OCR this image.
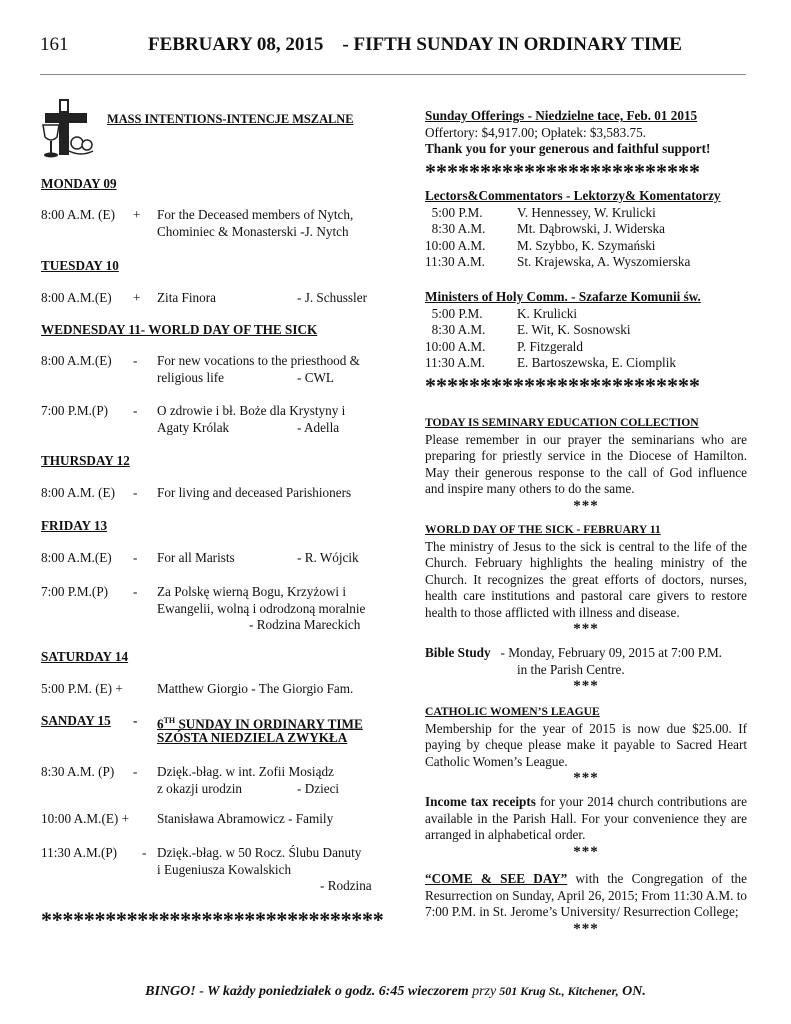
161	FEBRUARY 08, 2015    - FIFTH SUNDAY IN ORDINARY TIME
MASS INTENTIONS-INTENCJE MSZALNE
MONDAY 09
8:00 A.M. (E) + For the Deceased members of Nytch,
Chominiec & Monasterski -J. Nytch
TUESDAY 10
8:00 A.M.(E) + Zita Finora	- J. Schussler
WEDNESDAY 11- WORLD DAY OF THE SICK
8:00 A.M.(E) - For new vocations to the priesthood &
religious life	- CWL
7:00 P.M.(P) - O zdrowie i bł. Boże dla Krystyny i
Agaty Królak	- Adella
THURSDAY 12
8:00 A.M. (E) - For living and deceased Parishioners
FRIDAY 13
8:00 A.M.(E) - For all Marists	- R. Wójcik
7:00 P.M.(P) - Za Polskę wierną Bogu, Krzyżowi i
Ewangelii, wolną i odrodzoną moralnie
- Rodzina Mareckich
SATURDAY 14
5:00 P.M. (E) +	Matthew Giorgio - The Giorgio Fam.
SANDAY 15 - 6TH SUNDAY IN ORDINARY TIME
SZÓSTA NIEDZIELA ZWYKŁA
8:30 A.M. (P) - Dzięk.-błag. w int. Zofii Mosiądz
z okazji urodzin	- Dzieci
10:00 A.M.(E) + Stanisława Abramowicz - Family
11:30 A.M.(P) - Dzięk.-błag. w 50 Rocz. Ślubu Danuty
i Eugeniusza Kowalskich
- Rodzina
********************************
Sunday Offerings - Niedzielne tace, Feb. 01 2015
Offertory: $4,917.00; Opłatek: $3,583.75.
Thank you for your generous and faithful support!
*************************
Lectors&Commentators - Lektorzy& Komentatorzy
5:00 P.M.	V. Hennessey, W. Krulicki
8:30 A.M. Mt. Dąbrowski, J. Widerska
10:00 A.M. M. Szybbo, K. Szymański
11:30 A.M. St. Krajewska, A. Wyszomierska
Ministers of Holy Comm. - Szafarze Komunii św.
5:00 P.M.	K. Krulicki
8:30 A.M. E. Wit, K. Sosnowski
10:00 A.M. P. Fitzgerald
11:30 A.M. E. Bartoszewska, E. Ciomplik
*************************
TODAY IS SEMINARY EDUCATION COLLECTION
Please remember in our prayer the seminarians who are preparing for priestly service in the Diocese of Hamilton. May their generous response to the call of God influence and inspire many others to do the same.
***
WORLD DAY OF THE SICK - FEBRUARY 11
The ministry of Jesus to the sick is central to the life of the Church. February highlights the healing ministry of the Church. It recognizes the great efforts of doctors, nurses, health care institutions and pastoral care givers to restore health to those afflicted with illness and disease.
***
Bible Study   - Monday, February 09, 2015 at 7:00 P.M.
in the Parish Centre.
***
CATHOLIC WOMEN’S LEAGUE
Membership for the year of 2015 is now due $25.00. If paying by cheque please make it payable to Sacred Heart Catholic Women’s League.
***
Income tax receipts for your 2014 church contributions are available in the Parish Hall. For your convenience they are arranged in alphabetical order.
***
“COME & SEE DAY” with the Congregation of the Resurrection on Sunday, April 26, 2015; From 11:30 A.M. to 7:00 P.M. in St. Jerome’s University/ Resurrection College;
***
BINGO! - W każdy poniedziałek o godz. 6:45 wieczorem przy 501 Krug St., Kitchener, ON.
